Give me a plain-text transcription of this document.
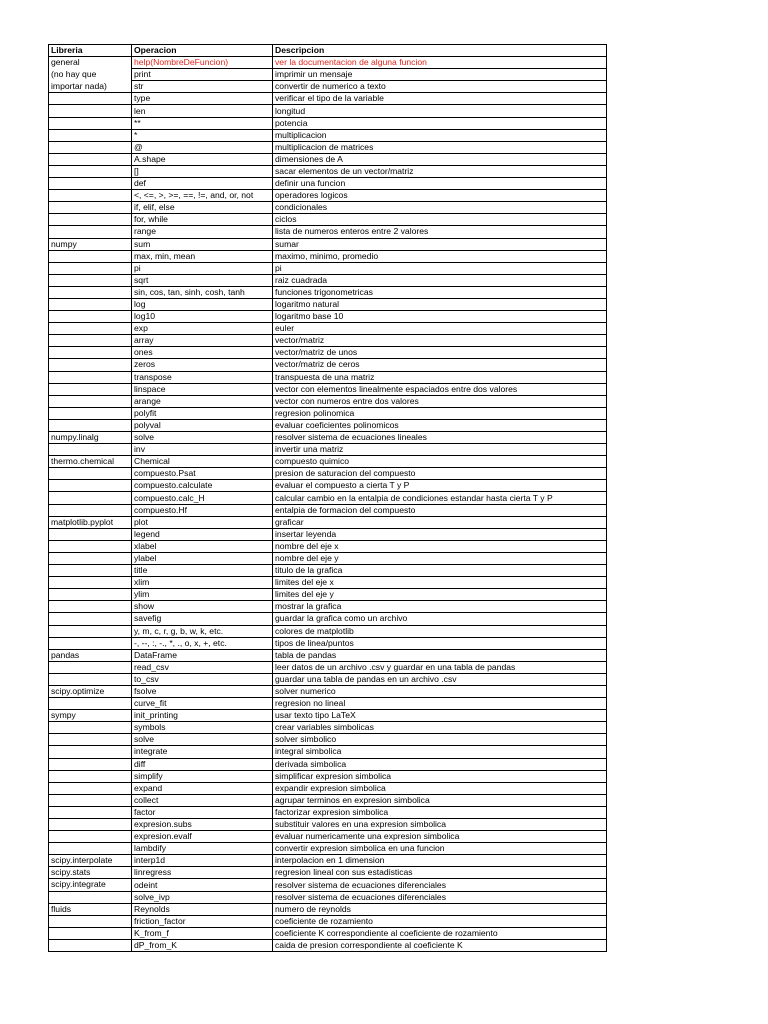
Libreria	Operacion	Descripcion
general	help(NombreDeFuncion)	ver la documentacion de alguna funcion
(no hay que	print	imprimir un mensaje
importar nada)	str	convertir de numerico a texto
	type	verificar el tipo de la variable
	len	longitud
	**	potencia
	*	multiplicacion
	@	multiplicacion de matrices
	A.shape	dimensiones de A
	[]	sacar elementos de un vector/matriz
	def	definir una funcion
	<, <=, >, >=, ==, !=, and, or, not	operadores logicos
	if, elif, else	condicionales
	for, while	ciclos
	range	lista de numeros enteros entre 2 valores
numpy	sum	sumar
	max, min, mean	maximo, minimo, promedio
	pi	pi
	sqrt	raiz cuadrada
	sin, cos, tan, sinh, cosh, tanh	funciones trigonometricas
	log	logaritmo natural
	log10	logaritmo base 10
	exp	euler
	array	vector/matriz
	ones	vector/matriz de unos
	zeros	vector/matriz de ceros
	transpose	transpuesta de una matriz
	linspace	vector con elementos linealmente espaciados entre dos valores
	arange	vector con numeros entre dos valores
	polyfit	regresion polinomica
	polyval	evaluar coeficientes polinomicos
numpy.linalg	solve	resolver sistema de ecuaciones lineales
	inv	invertir una matriz
thermo.chemical	Chemical	compuesto quimico
	compuesto.Psat	presion de saturacion del compuesto
	compuesto.calculate	evaluar el compuesto a cierta T y P
	compuesto.calc_H	calcular cambio en la entalpia de condiciones estandar hasta cierta T y P
	compuesto.Hf	entalpia de formacion del compuesto
matplotlib.pyplot	plot	graficar
	legend	insertar leyenda
	xlabel	nombre del eje x
	ylabel	nombre del eje y
	title	titulo de la grafica
	xlim	limites del eje x
	ylim	limites del eje y
	show	mostrar la grafica
	savefig	guardar la grafica como un archivo
	y, m, c, r, g, b, w, k, etc.	colores de matplotlib
	-, --, :, -., *, ., o, x, +, etc.	tipos de linea/puntos
pandas	DataFrame	tabla de pandas
	read_csv	leer datos de un archivo .csv y guardar en una tabla de pandas
	to_csv	guardar una tabla de pandas en un archivo .csv
scipy.optimize	fsolve	solver numerico
	curve_fit	regresion no lineal
sympy	init_printing	usar texto tipo LaTeX
	symbols	crear variables simbolicas
	solve	solver simbolico
	integrate	integral simbolica
	diff	derivada simbolica
	simplify	simplificar expresion simbolica
	expand	expandir expresion simbolica
	collect	agrupar terminos en expresion simbolica
	factor	factorizar expresion simbolica
	expresion.subs	substituir valores en una expresion simbolica
	expresion.evalf	evaluar numericamente una expresion simbolica
	lambdify	convertir expresion simbolica en una funcion
scipy.interpolate	interp1d	interpolacion en 1 dimension
scipy.stats	linregress	regresion lineal con sus estadisticas
scipy.integrate	odeint	resolver sistema de ecuaciones diferenciales
	solve_ivp	resolver sistema de ecuaciones diferenciales
fluids	Reynolds	numero de reynolds
	friction_factor	coeficiente de rozamiento
	K_from_f	coeficiente K correspondiente al coeficiente de rozamiento
	dP_from_K	caida de presion correspondiente al coeficiente K
